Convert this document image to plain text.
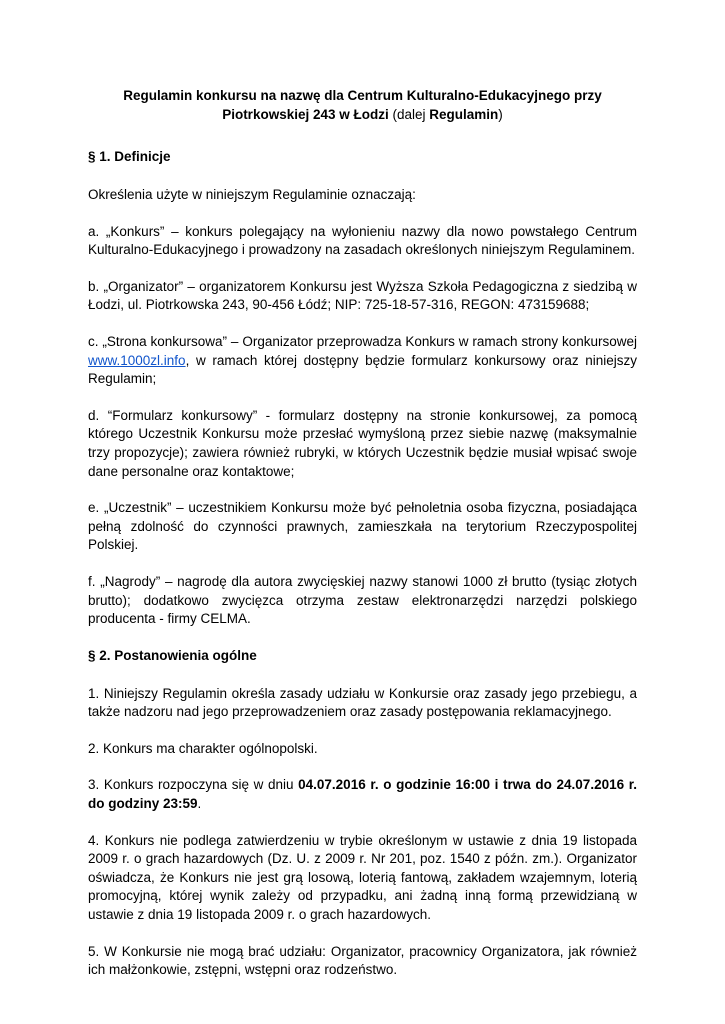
Regulamin konkursu na nazwę dla Centrum Kulturalno-Edukacyjnego przy
Piotrkowskiej 243 w Łodzi (dalej Regulamin)
§ 1. Definicje

Określenia użyte w niniejszym Regulaminie oznaczają:

a. „Konkurs” – konkurs polegający na wyłonieniu nazwy dla nowo powstałego Centrum Kulturalno-Edukacyjnego i prowadzony na zasadach określonych niniejszym Regulaminem.

b. „Organizator” – organizatorem Konkursu jest Wyższa Szkoła Pedagogiczna z siedzibą w Łodzi, ul. Piotrkowska 243, 90-456 Łódź; NIP: 725-18-57-316, REGON: 473159688;

c. „Strona konkursowa” – Organizator przeprowadza Konkurs w ramach strony konkursowej www.1000zl.info, w ramach której dostępny będzie formularz konkursowy oraz niniejszy Regulamin;

d. “Formularz konkursowy” - formularz dostępny na stronie konkursowej, za pomocą którego Uczestnik Konkursu może przesłać wymyśloną przez siebie nazwę (maksymalnie trzy propozycje); zawiera również rubryki, w których Uczestnik będzie musiał wpisać swoje dane personalne oraz kontaktowe;

e. „Uczestnik” – uczestnikiem Konkursu może być pełnoletnia osoba fizyczna, posiadająca pełną zdolność do czynności prawnych, zamieszkała na terytorium Rzeczypospolitej Polskiej.

f. „Nagrody” – nagrodę dla autora zwycięskiej nazwy stanowi 1000 zł brutto (tysiąc złotych brutto); dodatkowo zwycięzca otrzyma zestaw elektronarzędzi narzędzi polskiego producenta - firmy CELMA.

§ 2. Postanowienia ogólne

1. Niniejszy Regulamin określa zasady udziału w Konkursie oraz zasady jego przebiegu, a także nadzoru nad jego przeprowadzeniem oraz zasady postępowania reklamacyjnego.

2. Konkurs ma charakter ogólnopolski.

3. Konkurs rozpoczyna się w dniu 04.07.2016 r. o godzinie 16:00 i trwa do 24.07.2016 r. do godziny 23:59.

4. Konkurs nie podlega zatwierdzeniu w trybie określonym w ustawie z dnia 19 listopada 2009 r. o grach hazardowych (Dz. U. z 2009 r. Nr 201, poz. 1540 z późn. zm.). Organizator oświadcza, że Konkurs nie jest grą losową, loterią fantową, zakładem wzajemnym, loterią promocyjną, której wynik zależy od przypadku, ani żadną inną formą przewidzianą w ustawie z dnia 19 listopada 2009 r. o grach hazardowych.

5. W Konkursie nie mogą brać udziału: Organizator, pracownicy Organizatora, jak również ich małżonkowie, zstępni, wstępni oraz rodzeństwo.
